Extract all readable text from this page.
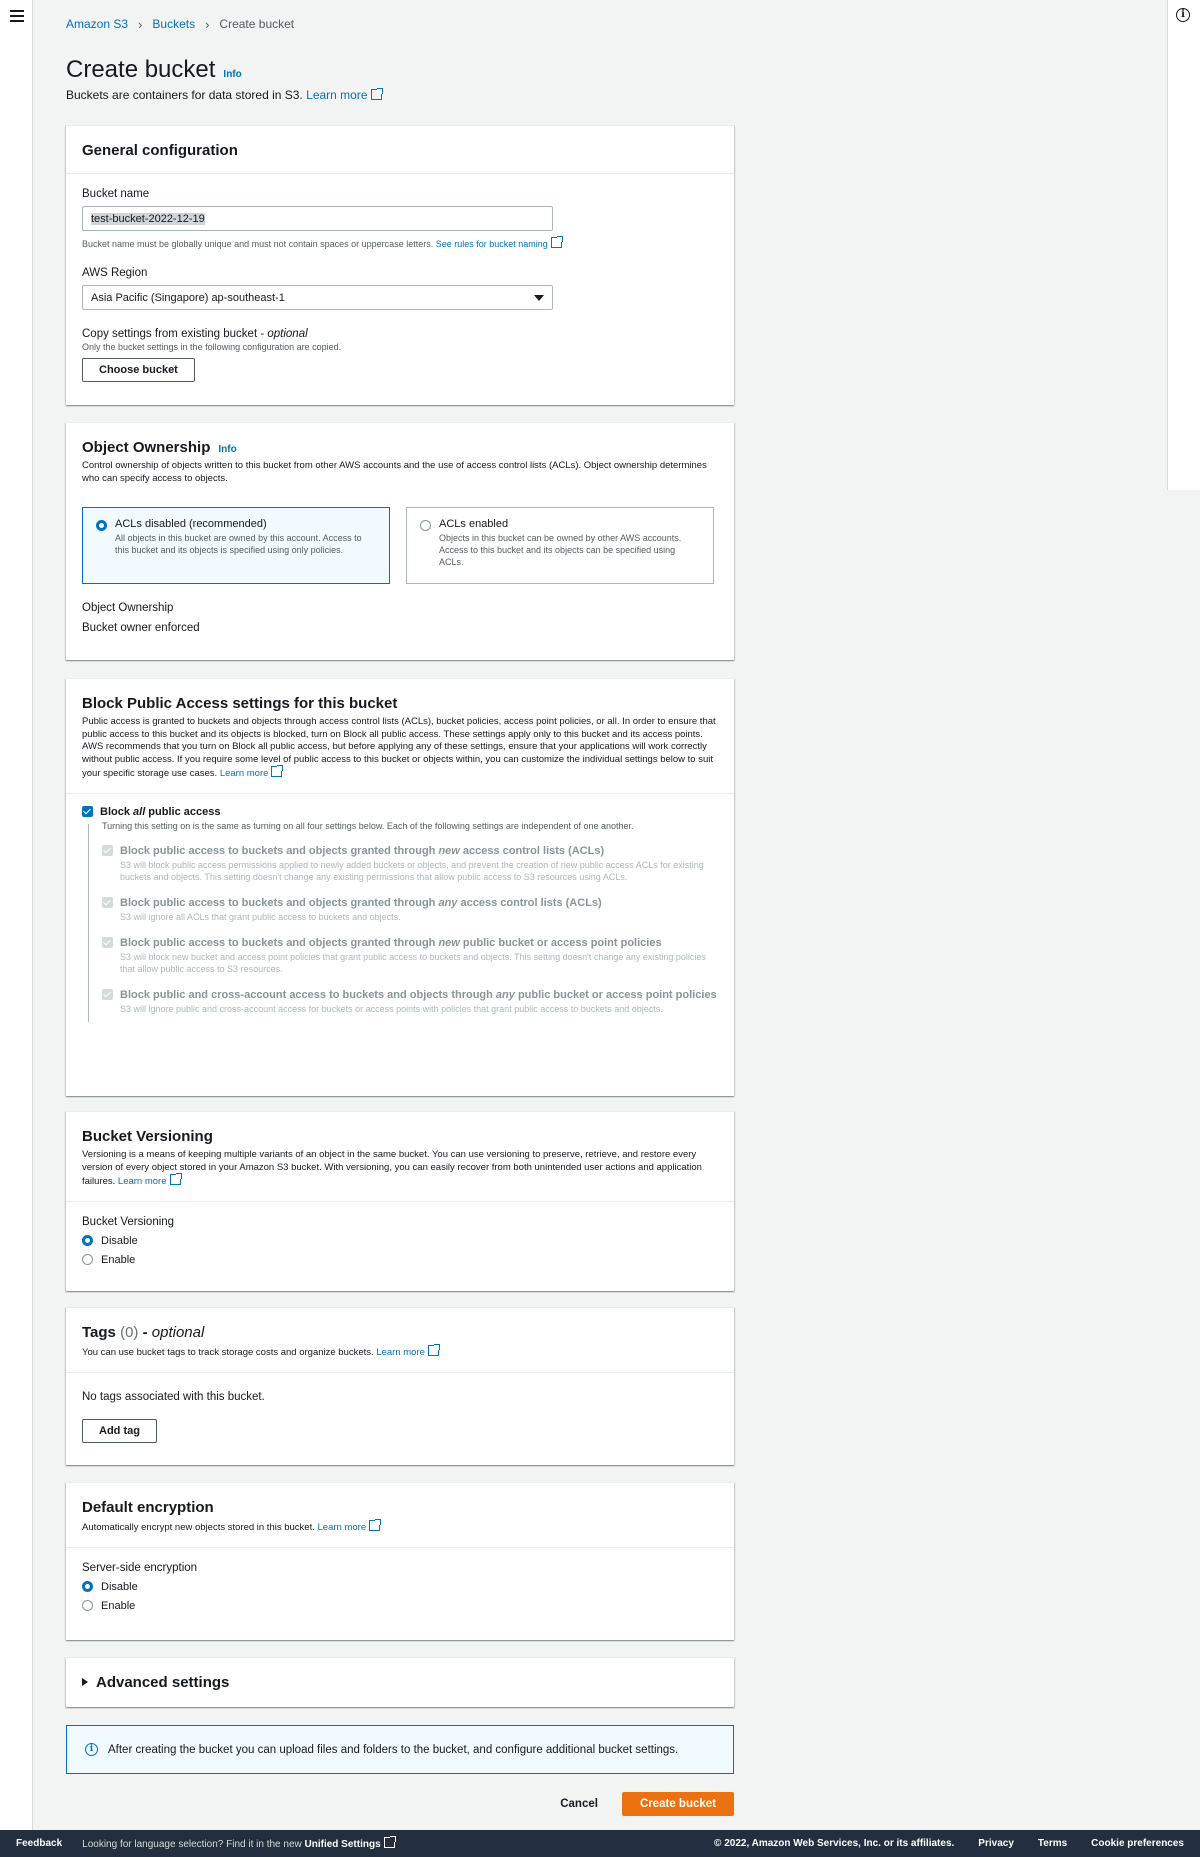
i
Amazon S3 › Buckets › Create bucket
Create bucket Info
Buckets are containers for data stored in S3. Learn more
General configuration
Bucket name
test-bucket-2022-12-19
Bucket name must be globally unique and must not contain spaces or uppercase letters. See rules for bucket naming
AWS Region
Asia Pacific (Singapore) ap-southeast-1
Copy settings from existing bucket - optional
Only the bucket settings in the following configuration are copied.
Choose bucket
Object Ownership Info
Control ownership of objects written to this bucket from other AWS accounts and the use of access control lists (ACLs). Object ownership determines who can specify access to objects.
ACLs disabled (recommended)
All objects in this bucket are owned by this account. Access to this bucket and its objects is specified using only policies.
ACLs enabled
Objects in this bucket can be owned by other AWS accounts. Access to this bucket and its objects can be specified using ACLs.
Object Ownership
Bucket owner enforced
Block Public Access settings for this bucket
Public access is granted to buckets and objects through access control lists (ACLs), bucket policies, access point policies, or all. In order to ensure that public access to this bucket and its objects is blocked, turn on Block all public access. These settings apply only to this bucket and its access points. AWS recommends that you turn on Block all public access, but before applying any of these settings, ensure that your applications will work correctly without public access. If you require some level of public access to this bucket or objects within, you can customize the individual settings below to suit your specific storage use cases. Learn more
Block all public access
Turning this setting on is the same as turning on all four settings below. Each of the following settings are independent of one another.
Block public access to buckets and objects granted through new access control lists (ACLs)
S3 will block public access permissions applied to newly added buckets or objects, and prevent the creation of new public access ACLs for existing buckets and objects. This setting doesn't change any existing permissions that allow public access to S3 resources using ACLs.
Block public access to buckets and objects granted through any access control lists (ACLs)
S3 will ignore all ACLs that grant public access to buckets and objects.
Block public access to buckets and objects granted through new public bucket or access point policies
S3 will block new bucket and access point policies that grant public access to buckets and objects. This setting doesn't change any existing policies that allow public access to S3 resources.
Block public and cross-account access to buckets and objects through any public bucket or access point policies
S3 will ignore public and cross-account access for buckets or access points with policies that grant public access to buckets and objects.
Bucket Versioning
Versioning is a means of keeping multiple variants of an object in the same bucket. You can use versioning to preserve, retrieve, and restore every version of every object stored in your Amazon S3 bucket. With versioning, you can easily recover from both unintended user actions and application failures. Learn more
Bucket Versioning
Disable
Enable
Tags
(0) - optional
You can use bucket tags to track storage costs and organize buckets. Learn more
No tags associated with this bucket.
Add tag
Default encryption
Automatically encrypt new objects stored in this bucket. Learn more
Server-side encryption
Disable
Enable
Advanced settings
i	After creating the bucket you can upload files and folders to the bucket, and configure additional bucket settings.
Cancel	Create bucket
Feedback Looking for language selection? Find it in the new Unified Settings	© 2022, Amazon Web Services, Inc. or its affiliates. Privacy Terms Cookie preferences
